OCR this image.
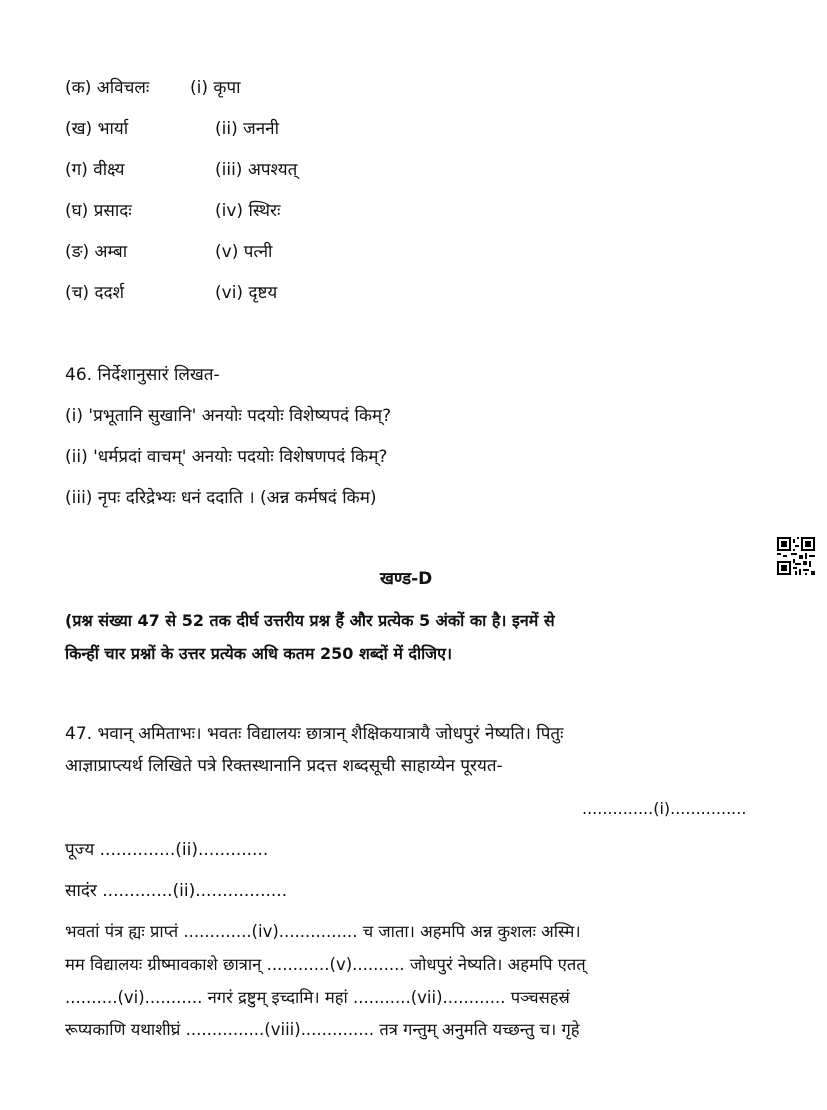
(क) अविचलः (i) कृपा
(ख) भार्या	(ii) जननी
(ग) वीक्ष्य	(iii) अपश्यत्
(घ) प्रसादः	(iv) स्थिरः
(ङ) अम्बा	(v) पत्नी
(च) ददर्श	(vi) दृष्टय
46. निर्देशानुसारं लिखत-
(i) 'प्रभूतानि सुखानि' अनयोः पदयोः विशेष्यपदं किम्?
(ii) 'धर्मप्रदां वाचम्' अनयोः पदयोः विशेषणपदं किम्?
(iii) नृपः दरिद्रेभ्यः धनं ददाति । (अन्न कर्मषदं किम)
खण्ड-D
(प्रश्न संख्या 47 से 52 तक दीर्घ उत्तरीय प्रश्न हैं और प्रत्येक 5 अंकों का है। इनमें से
किन्हीं चार प्रश्नों के उत्तर प्रत्येक अधि कतम 250 शब्दों में दीजिए।
47. भवान् अमिताभः। भवतः विद्यालयः छात्रान् शैक्षिकयात्रायै जोधपुरं नेष्यति। पितुः
आज्ञाप्राप्त्यर्थ लिखिते पत्रे रिक्तस्थानानि प्रदत्त शब्दसूची साहाय्येन पूरयत-
..............(i)...............
पूज्य ..............(ii).............
सादंर .............(ii).................
भवतां पंत्र ह्यः प्राप्तं .............(iv)............... च जाता। अहमपि अन्न कुशलः अस्मि।
मम विद्यालयः ग्रीष्मावकाशे छात्रान् ............(v).......... जोधपुरं नेष्यति। अहमपि एतत्
..........(vi)........... नगरं द्रष्टुम् इच्दामि। महां ...........(vii)............ पञ्चसहस्रं
रूप्यकाणि यथाशीघ्रं ...............(viii).............. तत्र गन्तुम् अनुमति यच्छन्तु च। गृहे
